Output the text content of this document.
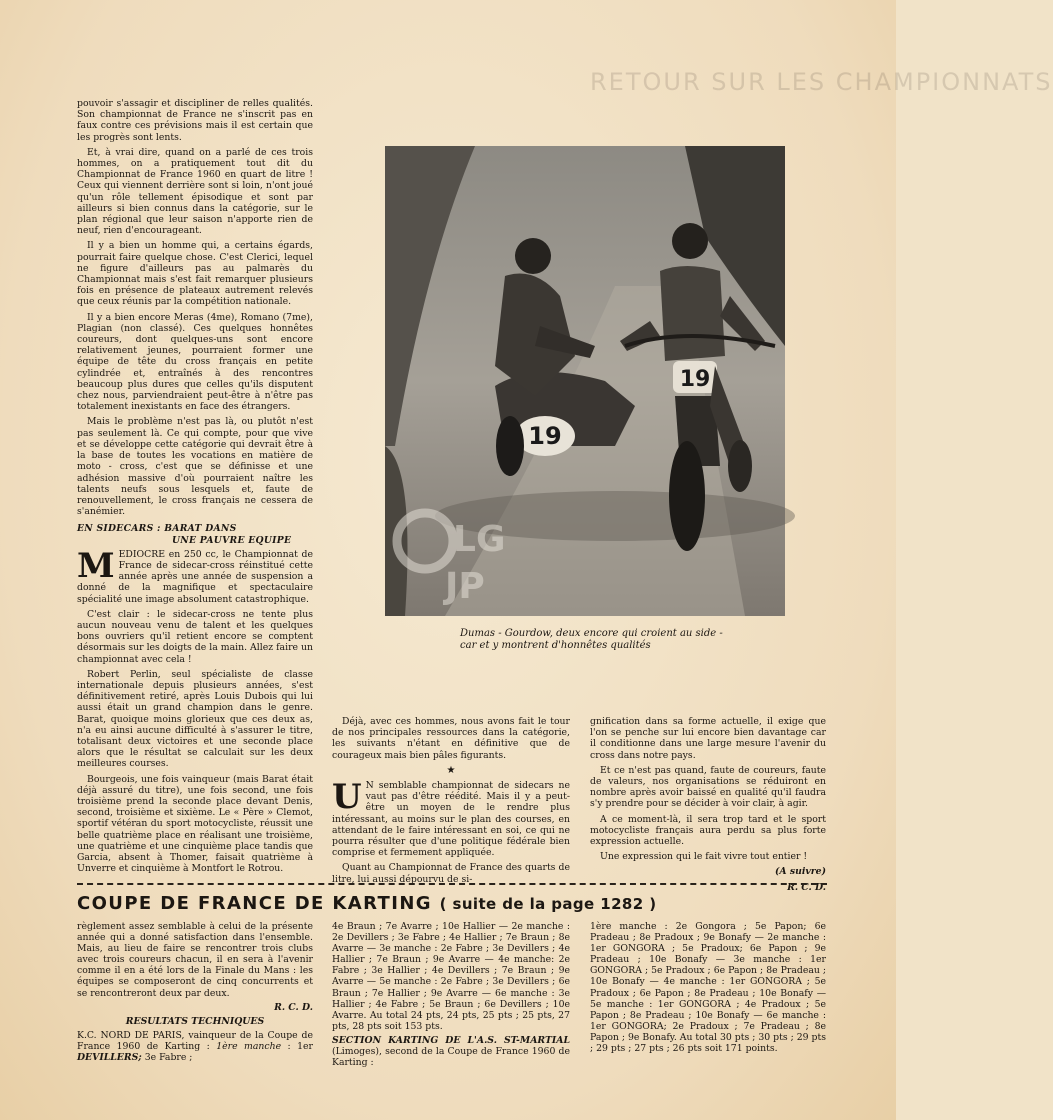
RETOUR SUR LES CHAMPIONNATS

pouvoir s'assagir et discipliner de relles qualités. Son championnat de France ne s'inscrit pas en faux contre ces prévisions mais il est certain que les progrès sont lents.

Et, à vrai dire, quand on a parlé de ces trois hommes, on a pratiquement tout dit du Championnat de France 1960 en quart de litre ! Ceux qui viennent derrière sont si loin, n'ont joué qu'un rôle tellement épisodique et sont par ailleurs si bien connus dans la catégorie, sur le plan régional que leur saison n'apporte rien de neuf, rien d'encourageant.

Il y a bien un homme qui, a certains égards, pourrait faire quelque chose. C'est Clerici, lequel ne figure d'ailleurs pas au palmarès du Championnat mais s'est fait remarquer plusieurs fois en présence de plateaux autrement relevés que ceux réunis par la compétition nationale.

Il y a bien encore Meras (4me), Romano (7me), Plagian (non classé). Ces quelques honnêtes coureurs, dont quelques-uns sont encore relativement jeunes, pourraient former une équipe de tête du cross français en petite cylindrée et, entraînés à des rencontres beaucoup plus dures que celles qu'ils disputent chez nous, parviendraient peut-être à n'être pas totalement inexistants en face des étrangers.

Mais le problème n'est pas là, ou plutôt n'est pas seulement là. Ce qui compte, pour que vive et se développe cette catégorie qui devrait être à la base de toutes les vocations en matière de moto - cross, c'est que se définisse et une adhésion massive d'où pourraient naître les talents neufs sous lesquels et, faute de renouvellement, le cross français ne cessera de s'anémier.

EN SIDECARS : BARAT DANS
UNE PAUVRE EQUIPE

MEDIOCRE en 250 cc, le Championnat de France de sidecar-cross réinstitué cette année après une année de suspension a donné de la magnifique et spectaculaire spécialité une image absolument catastrophique.

C'est clair : le sidecar-cross ne tente plus aucun nouveau venu de talent et les quelques bons ouvriers qu'il retient encore se comptent désormais sur les doigts de la main. Allez faire un championnat avec cela !

Robert Perlin, seul spécialiste de classe internationale depuis plusieurs années, s'est définitivement retiré, après Louis Dubois qui lui aussi était un grand champion dans le genre. Barat, quoique moins glorieux que ces deux as, n'a eu ainsi aucune difficulté à s'assurer le titre, totalisant deux victoires et une seconde place alors que le résultat se calculait sur les deux meilleures courses.

Bourgeois, une fois vainqueur (mais Barat était déjà assuré du titre), une fois second, une fois troisième prend la seconde place devant Denis, second, troisième et sixième. Le « Père » Clemot, sportif vétéran du sport motocycliste, réussit une belle quatrième place en réalisant une troisième, une quatrième et une cinquième place tandis que Garcia, absent à Thomer, faisait quatrième à Unverre et cinquième à Montfort le Rotrou.

19
19
LG
JP
Dumas - Gourdow, deux encore qui croient au side - car et y montrent d'honnêtes qualités

Déjà, avec ces hommes, nous avons fait le tour de nos principales ressources dans la catégorie, les suivants n'étant en définitive que de courageux mais bien pâles figurants.

★

U N semblable championnat de sidecars ne vaut pas d'être réédité. Mais il y a peut-être un moyen de le rendre plus intéressant, au moins sur le plan des courses, en attendant de le faire intéressant en soi, ce qui ne pourra résulter que d'une politique fédérale bien comprise et fermement appliquée.

Quant au Championnat de France des quarts de litre, lui aussi dépourvu de si-

gnification dans sa forme actuelle, il exige que l'on se penche sur lui encore bien davantage car il conditionne dans une large mesure l'avenir du cross dans notre pays.

Et ce n'est pas quand, faute de coureurs, faute de valeurs, nos organisations se réduiront en nombre après avoir baissé en qualité qu'il faudra s'y prendre pour se décider à voir clair, à agir.

A ce moment-là, il sera trop tard et le sport motocycliste français aura perdu sa plus forte expression actuelle.

Une expression qui le fait vivre tout entier !

(A suivre)

R. C. D.

COUPE DE FRANCE DE KARTING ( suite de la page 1282 )

règlement assez semblable à celui de la présente année qui a donné satisfaction dans l'ensemble. Mais, au lieu de faire se rencontrer trois clubs avec trois coureurs chacun, il en sera à l'avenir comme il en a été lors de la Finale du Mans : les équipes se composeront de cinq concurrents et se rencontreront deux par deux.

R. C. D.

RESULTATS TECHNIQUES

K.C. NORD DE PARIS, vainqueur de la Coupe de France 1960 de Karting : 1ère manche : 1er DEVILLERS; 3e Fabre ;

4e Braun ; 7e Avarre ; 10e Hallier — 2e manche : 2e Devillers ; 3e Fabre ; 4e Hallier ; 7e Braun ; 8e Avarre — 3e manche : 2e Fabre ; 3e Devillers ; 4e Hallier ; 7e Braun ; 9e Avarre — 4e manche: 2e Fabre ; 3e Hallier ; 4e Devillers ; 7e Braun ; 9e Avarre — 5e manche : 2e Fabre ; 3e Devillers ; 6e Braun ; 7e Hallier ; 9e Avarre — 6e manche : 3e Hallier ; 4e Fabre ; 5e Braun ; 6e Devillers ; 10e Avarre. Au total 24 pts, 24 pts, 25 pts ; 25 pts, 27 pts, 28 pts soit 153 pts.

SECTION KARTING DE L'A.S. ST-MARTIAL (Limoges), second de la Coupe de France 1960 de Karting :

1ère manche : 2e Gongora ; 5e Papon; 6e Pradeau ; 8e Pradoux ; 9e Bonafy — 2e manche : 1er GONGORA ; 5e Pradoux; 6e Papon ; 9e Pradeau ; 10e Bonafy — 3e manche : 1er GONGORA ; 5e Pradoux ; 6e Papon ; 8e Pradeau ; 10e Bonafy — 4e manche : 1er GONGORA ; 5e Pradoux ; 6e Papon ; 8e Pradeau ; 10e Bonafy — 5e manche : 1er GONGORA ; 4e Pradoux ; 5e Papon ; 8e Pradeau ; 10e Bonafy — 6e manche : 1er GONGORA; 2e Pradoux ; 7e Pradeau ; 8e Papon ; 9e Bonafy. Au total 30 pts ; 30 pts ; 29 pts ; 29 pts ; 27 pts ; 26 pts soit 171 points.
